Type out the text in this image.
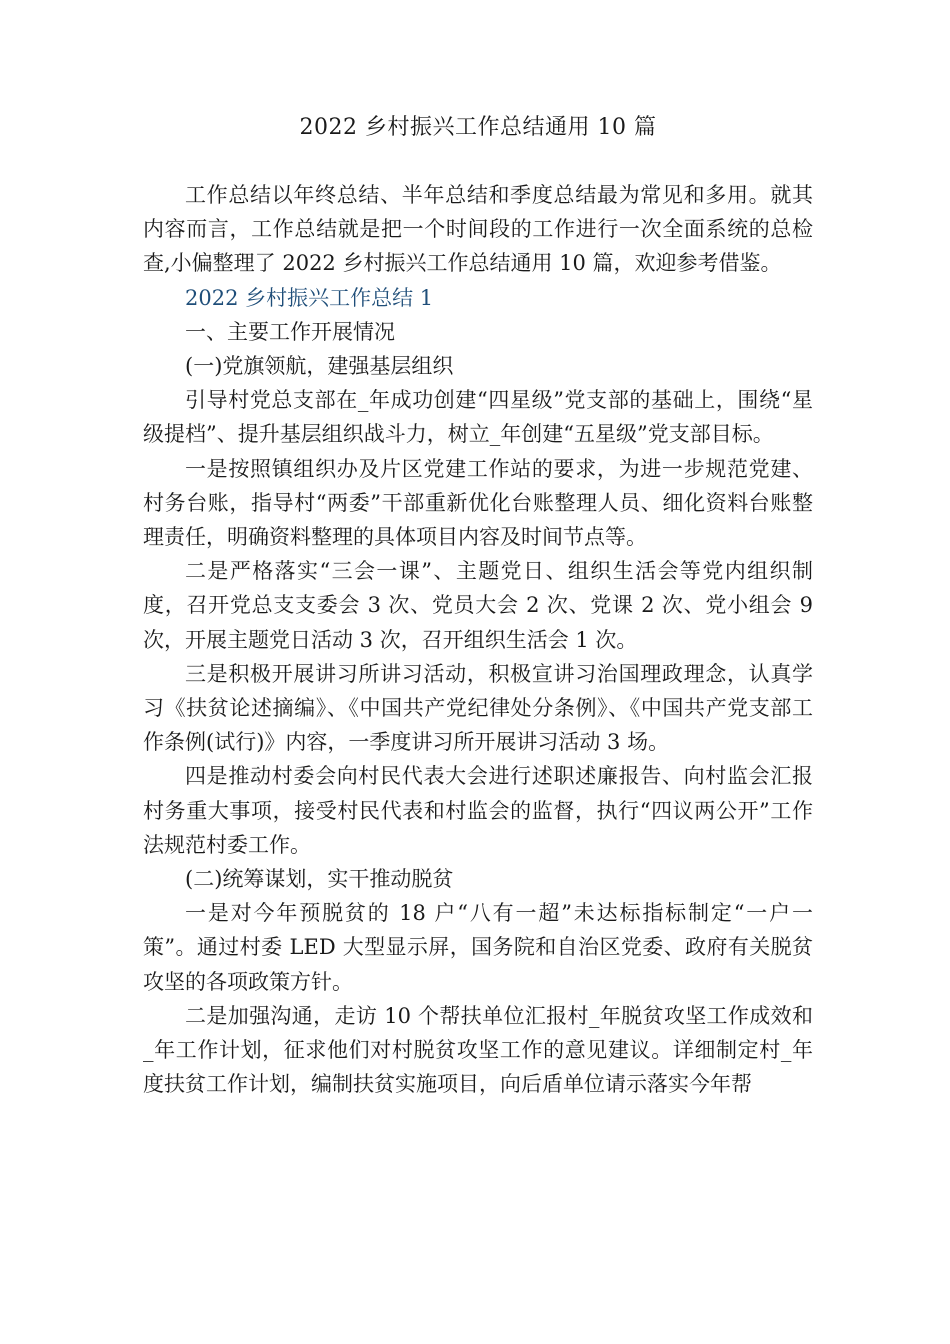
2022 乡村振兴工作总结通用 10 篇

工作总结以年终总结、半年总结和季度总结最为常见和多用。就其内容而言，工作总结就是把一个时间段的工作进行一次全面系统的总检查,小偏整理了 2022 乡村振兴工作总结通用 10 篇，欢迎参考借鉴。

2022 乡村振兴工作总结 1

一、主要工作开展情况

(一)党旗领航，建强基层组织

引导村党总支部在_年成功创建“四星级”党支部的基础上，围绕“星级提档”、提升基层组织战斗力，树立_年创建“五星级”党支部目标。

一是按照镇组织办及片区党建工作站的要求，为进一步规范党建、村务台账，指导村“两委”干部重新优化台账整理人员、细化资料台账整理责任，明确资料整理的具体项目内容及时间节点等。

二是严格落实“三会一课”、主题党日、组织生活会等党内组织制度，召开党总支支委会 3 次、党员大会 2 次、党课 2 次、党小组会 9 次，开展主题党日活动 3 次，召开组织生活会 1 次。

三是积极开展讲习所讲习活动，积极宣讲习治国理政理念，认真学习《扶贫论述摘编》、《中国共产党纪律处分条例》、《中国共产党支部工作条例(试行)》内容，一季度讲习所开展讲习活动 3 场。

四是推动村委会向村民代表大会进行述职述廉报告、向村监会汇报村务重大事项，接受村民代表和村监会的监督，执行“四议两公开”工作法规范村委工作。

(二)统筹谋划，实干推动脱贫

一是对今年预脱贫的 18 户“八有一超”未达标指标制定“一户一策”。通过村委 LED 大型显示屏，国务院和自治区党委、政府有关脱贫攻坚的各项政策方针。

二是加强沟通，走访 10 个帮扶单位汇报村_年脱贫攻坚工作成效和_年工作计划，征求他们对村脱贫攻坚工作的意见建议。详细制定村_年度扶贫工作计划，编制扶贫实施项目，向后盾单位请示落实今年帮
